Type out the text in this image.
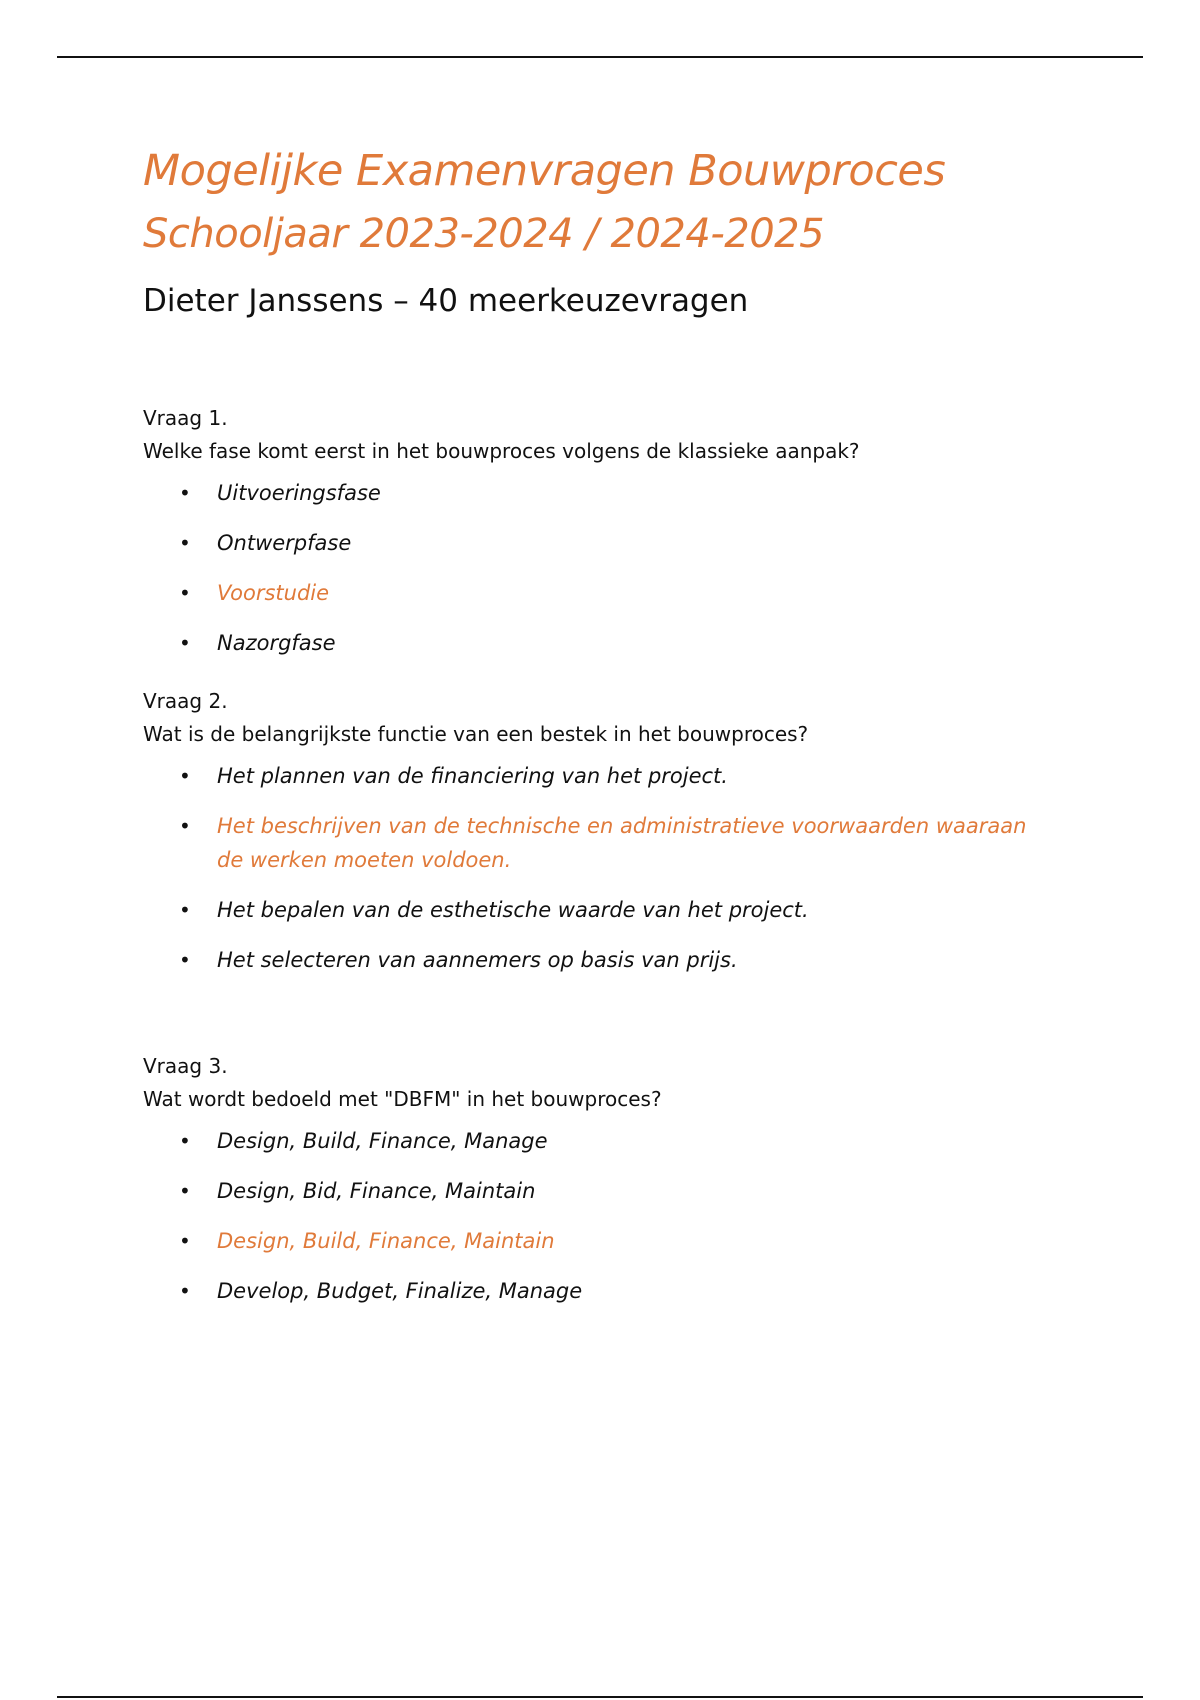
Mogelijke Examenvragen Bouwproces
Schooljaar 2023-2024 / 2024-2025
Dieter Janssens – 40 meerkeuzevragen
Vraag 1.
Welke fase komt eerst in het bouwproces volgens de klassieke aanpak?
• Uitvoeringsfase
• Ontwerpfase
• Voorstudie
• Nazorgfase
Vraag 2.
Wat is de belangrijkste functie van een bestek in het bouwproces?
• Het plannen van de financiering van het project.
• Het beschrijven van de technische en administratieve voorwaarden waaraan de werken moeten voldoen.
• Het bepalen van de esthetische waarde van het project.
• Het selecteren van aannemers op basis van prijs.
Vraag 3.
Wat wordt bedoeld met "DBFM" in het bouwproces?
• Design, Build, Finance, Manage
• Design, Bid, Finance, Maintain
• Design, Build, Finance, Maintain
• Develop, Budget, Finalize, Manage
